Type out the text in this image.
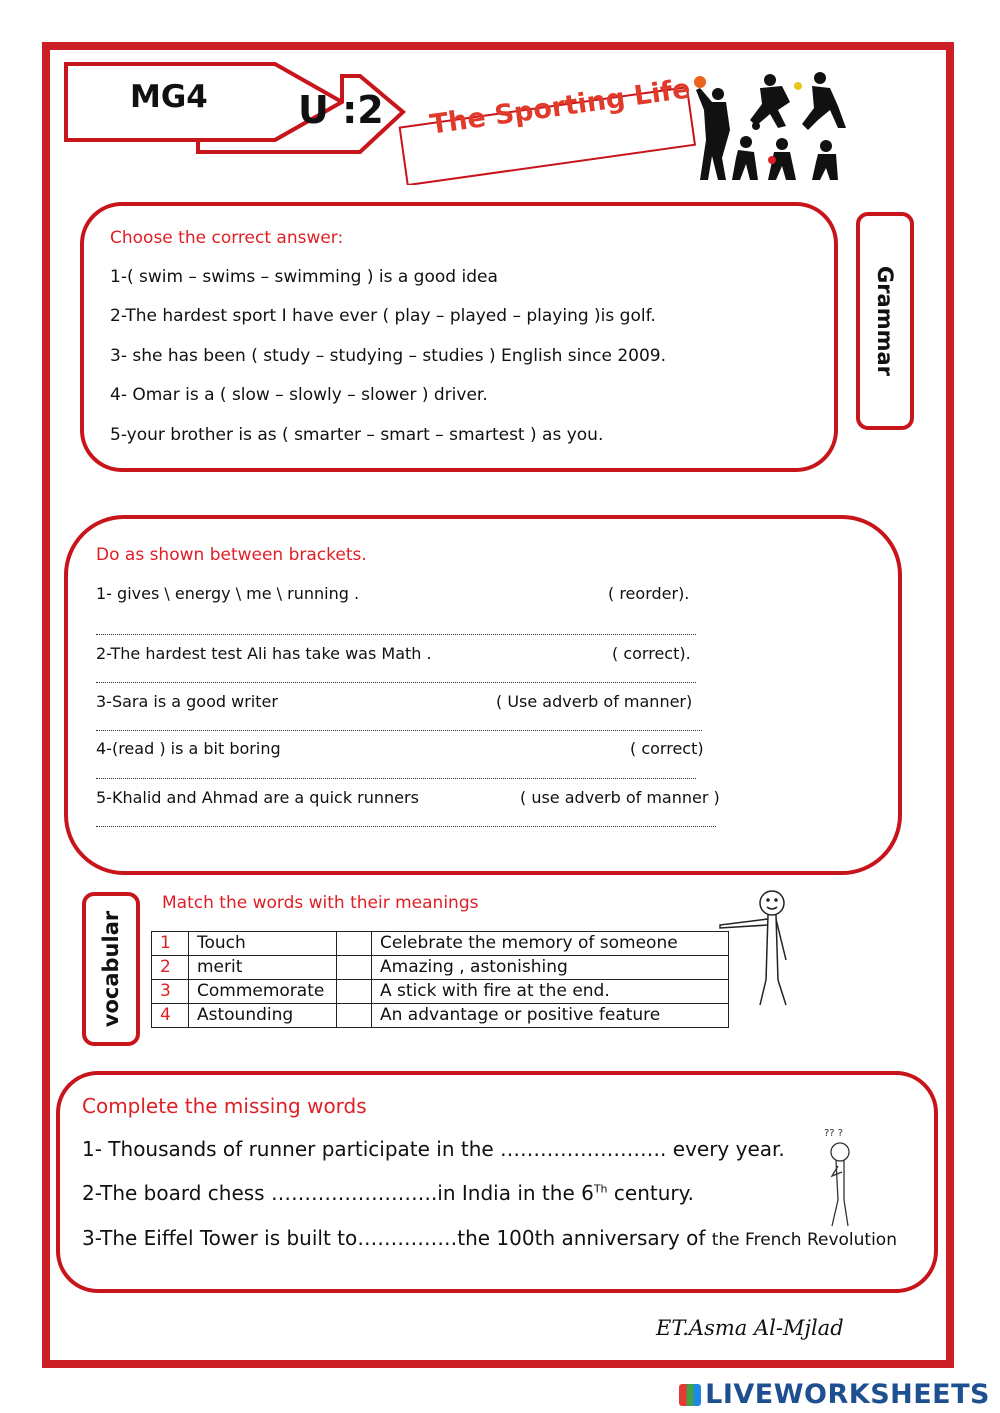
MG4 U :2 The Sporting Life
Grammar
Choose the correct answer:
1-( swim – swims – swimming ) is a good idea
2-The hardest sport I have ever ( play – played – playing )is golf.
3- she has been ( study – studying – studies ) English since 2009.
4- Omar is a ( slow – slowly – slower ) driver.
5-your brother is as ( smarter – smart – smartest ) as you.
Do as shown between brackets.
1- gives \ energy \ me \ running .	( reorder).
2-The hardest test Ali has take was Math .	( correct).
3-Sara is a good writer	( Use adverb of manner)
4-(read ) is a bit boring	( correct)
5-Khalid and Ahmad are a quick runners	( use adverb of manner )
vocabular
Match the words with their meanings
1	Touch		Celebrate the memory of someone
2	merit		Amazing , astonishing
3	Commemorate		A stick with fire at the end.
4	Astounding		An advantage or positive feature
Complete the missing words
1- Thousands of runner participate in the ……………………. every year.
2-The board chess …………………….in India in the 6Th century.
3-The Eiffel Tower is built to……………the 100th anniversary of the French Revolution
?? ?
ET.Asma Al-Mjlad
LIVEWORKSHEETS
